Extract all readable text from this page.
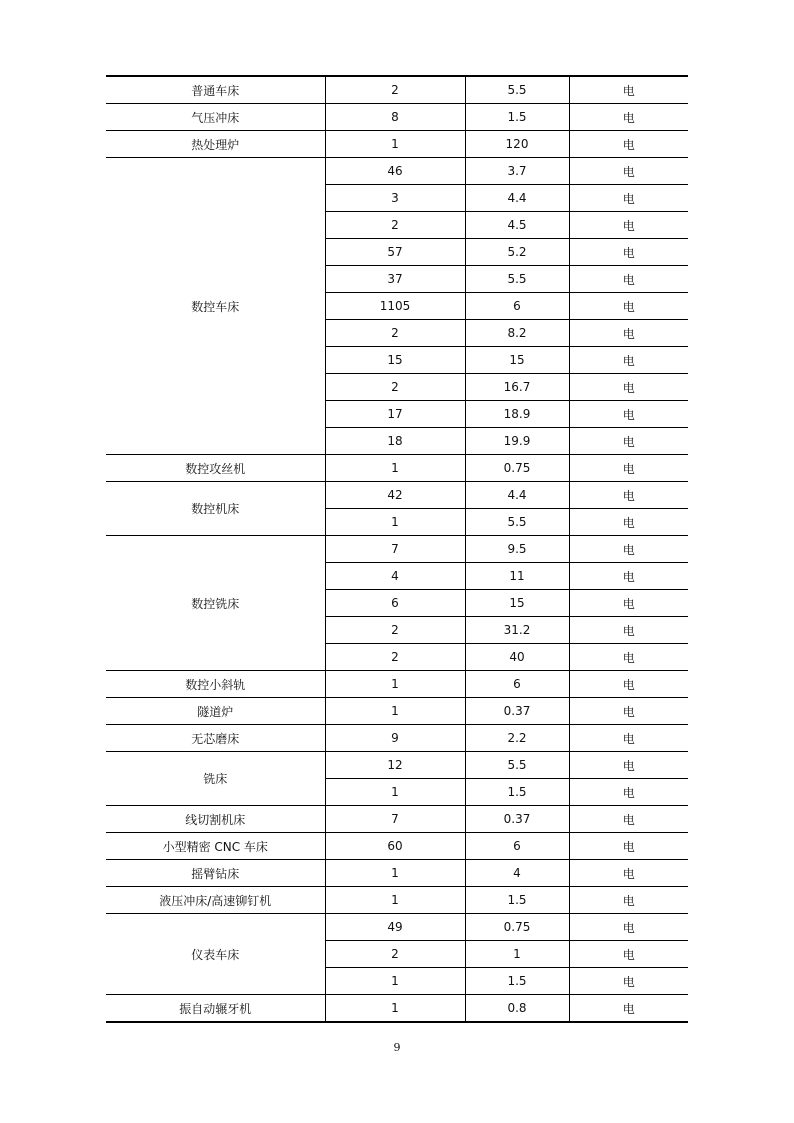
普通车床	2	5.5	电
气压冲床	8	1.5	电
热处理炉	1	120	电
数控车床	46	3.7	电
	3	4.4	电
	2	4.5	电
	57	5.2	电
	37	5.5	电
	1105	6	电
	2	8.2	电
	15	15	电
	2	16.7	电
	17	18.9	电
	18	19.9	电
数控攻丝机	1	0.75	电
数控机床	42	4.4	电
	1	5.5	电
数控铣床	7	9.5	电
	4	11	电
	6	15	电
	2	31.2	电
	2	40	电
数控小斜轨	1	6	电
隧道炉	1	0.37	电
无芯磨床	9	2.2	电
铣床	12	5.5	电
	1	1.5	电
线切割机床	7	0.37	电
小型精密 CNC 车床	60	6	电
摇臂钻床	1	4	电
液压冲床/高速铆钉机	1	1.5	电
仪表车床	49	0.75	电
	2	1	电
	1	1.5	电
振自动辗牙机	1	0.8	电
9
